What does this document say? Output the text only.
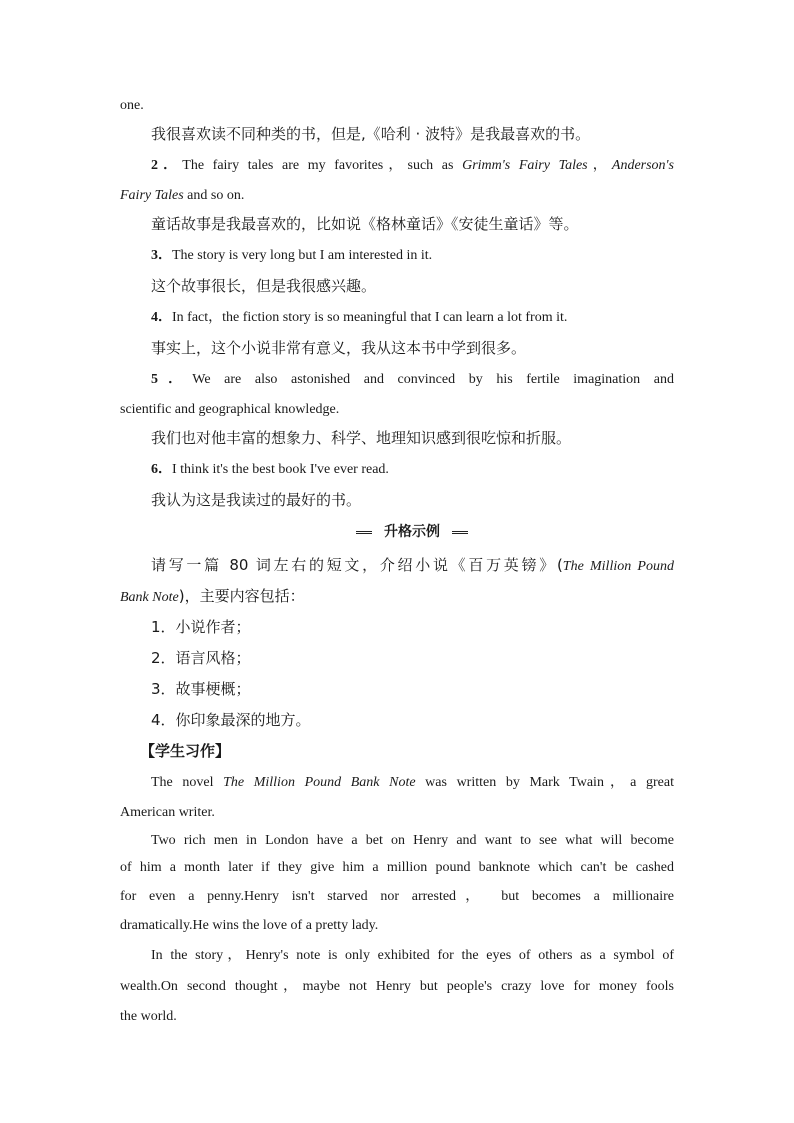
one.
我很喜欢读不同种类的书，但是,《哈利 · 波特》是我最喜欢的书。
2．The fairy tales are my favorites，such as Grimm's Fairy Tales，Anderson's
Fairy Tales and so on.
童话故事是我最喜欢的，比如说《格林童话》《安徒生童话》等。
3．The story is very long but I am interested in it.
这个故事很长，但是我很感兴趣。
4．In fact，the fiction story is so meaningful that I can learn a lot from it.
事实上，这个小说非常有意义，我从这本书中学到很多。
5．We are also astonished and convinced by his fertile imagination and
scientific and geographical knowledge.
我们也对他丰富的想象力、科学、地理知识感到很吃惊和折服。
6．I think it's the best book I've ever read.
我认为这是我读过的最好的书。
升格示例
请写一篇 80 词左右的短文，介绍小说《百万英镑》(The Million Pound
Bank Note)，主要内容包括：
1．小说作者；
2．语言风格；
3．故事梗概；
4．你印象最深的地方。
【学生习作】
The novel The Million Pound Bank Note was written by Mark Twain，a great
American writer.
Two rich men in London have a bet on Henry and want to see what will become
of him a month later if they give him a million pound banknote which can't be cashed
for even a penny.Henry isn't starved nor arrested， but becomes a millionaire
dramatically.He wins the love of a pretty lady.
In the story，Henry's note is only exhibited for the eyes of others as a symbol of
wealth.On second thought，maybe not Henry but people's crazy love for money fools
the world.
